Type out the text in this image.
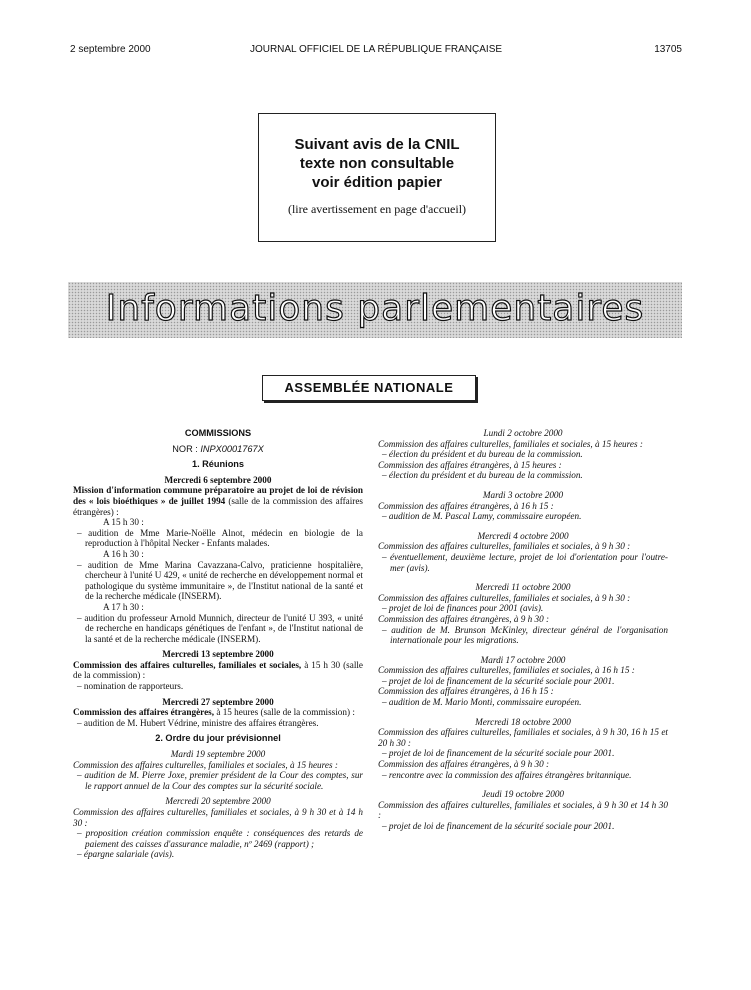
2 septembre 2000	JOURNAL OFFICIEL DE LA RÉPUBLIQUE FRANÇAISE	13705
Suivant avis de la CNIL
texte non consultable
voir édition papier
(lire avertissement en page d'accueil)
Informations parlementaires
ASSEMBLÉE NATIONALE
COMMISSIONS
NOR : INPX0001767X
1. Réunions
Mercredi 6 septembre 2000
Mission d'information commune préparatoire au projet de loi de révision des « lois bioéthiques » de juillet 1994 (salle de la commission des affaires étrangères) :
A 15 h 30 :
– audition de Mme Marie-Noëlle Alnot, médecin en biologie de la reproduction à l'hôpital Necker - Enfants malades.
A 16 h 30 :
– audition de Mme Marina Cavazzana-Calvo, praticienne hospitalière, chercheur à l'unité U 429, « unité de recherche en développement normal et pathologique du système immunitaire », de l'Institut national de la santé et de la recherche médicale (INSERM).
A 17 h 30 :
– audition du professeur Arnold Munnich, directeur de l'unité U 393, « unité de recherche en handicaps génétiques de l'enfant », de l'Institut national de la santé et de la recherche médicale (INSERM).
Mercredi 13 septembre 2000
Commission des affaires culturelles, familiales et sociales, à 15 h 30 (salle de la commission) :
– nomination de rapporteurs.
Mercredi 27 septembre 2000
Commission des affaires étrangères, à 15 heures (salle de la commission) :
– audition de M. Hubert Védrine, ministre des affaires étrangères.
2. Ordre du jour prévisionnel
Mardi 19 septembre 2000
Commission des affaires culturelles, familiales et sociales, à 15 heures :
– audition de M. Pierre Joxe, premier président de la Cour des comptes, sur le rapport annuel de la Cour des comptes sur la sécurité sociale.
Mercredi 20 septembre 2000
Commission des affaires culturelles, familiales et sociales, à 9 h 30 et à 14 h 30 :
– proposition création commission enquête : conséquences des retards de paiement des caisses d'assurance maladie, nº 2469 (rapport) ;
– épargne salariale (avis).
Lundi 2 octobre 2000
Commission des affaires culturelles, familiales et sociales, à 15 heures :
– élection du président et du bureau de la commission.
Commission des affaires étrangères, à 15 heures :
– élection du président et du bureau de la commission.
Mardi 3 octobre 2000
Commission des affaires étrangères, à 16 h 15 :
– audition de M. Pascal Lamy, commissaire européen.
Mercredi 4 octobre 2000
Commission des affaires culturelles, familiales et sociales, à 9 h 30 :
– éventuellement, deuxième lecture, projet de loi d'orientation pour l'outre-mer (avis).
Mercredi 11 octobre 2000
Commission des affaires culturelles, familiales et sociales, à 9 h 30 :
– projet de loi de finances pour 2001 (avis).
Commission des affaires étrangères, à 9 h 30 :
– audition de M. Brunson McKinley, directeur général de l'organisation internationale pour les migrations.
Mardi 17 octobre 2000
Commission des affaires culturelles, familiales et sociales, à 16 h 15 :
– projet de loi de financement de la sécurité sociale pour 2001.
Commission des affaires étrangères, à 16 h 15 :
– audition de M. Mario Monti, commissaire européen.
Mercredi 18 octobre 2000
Commission des affaires culturelles, familiales et sociales, à 9 h 30, 16 h 15 et 20 h 30 :
– projet de loi de financement de la sécurité sociale pour 2001.
Commission des affaires étrangères, à 9 h 30 :
– rencontre avec la commission des affaires étrangères britannique.
Jeudi 19 octobre 2000
Commission des affaires culturelles, familiales et sociales, à 9 h 30 et 14 h 30 :
– projet de loi de financement de la sécurité sociale pour 2001.
